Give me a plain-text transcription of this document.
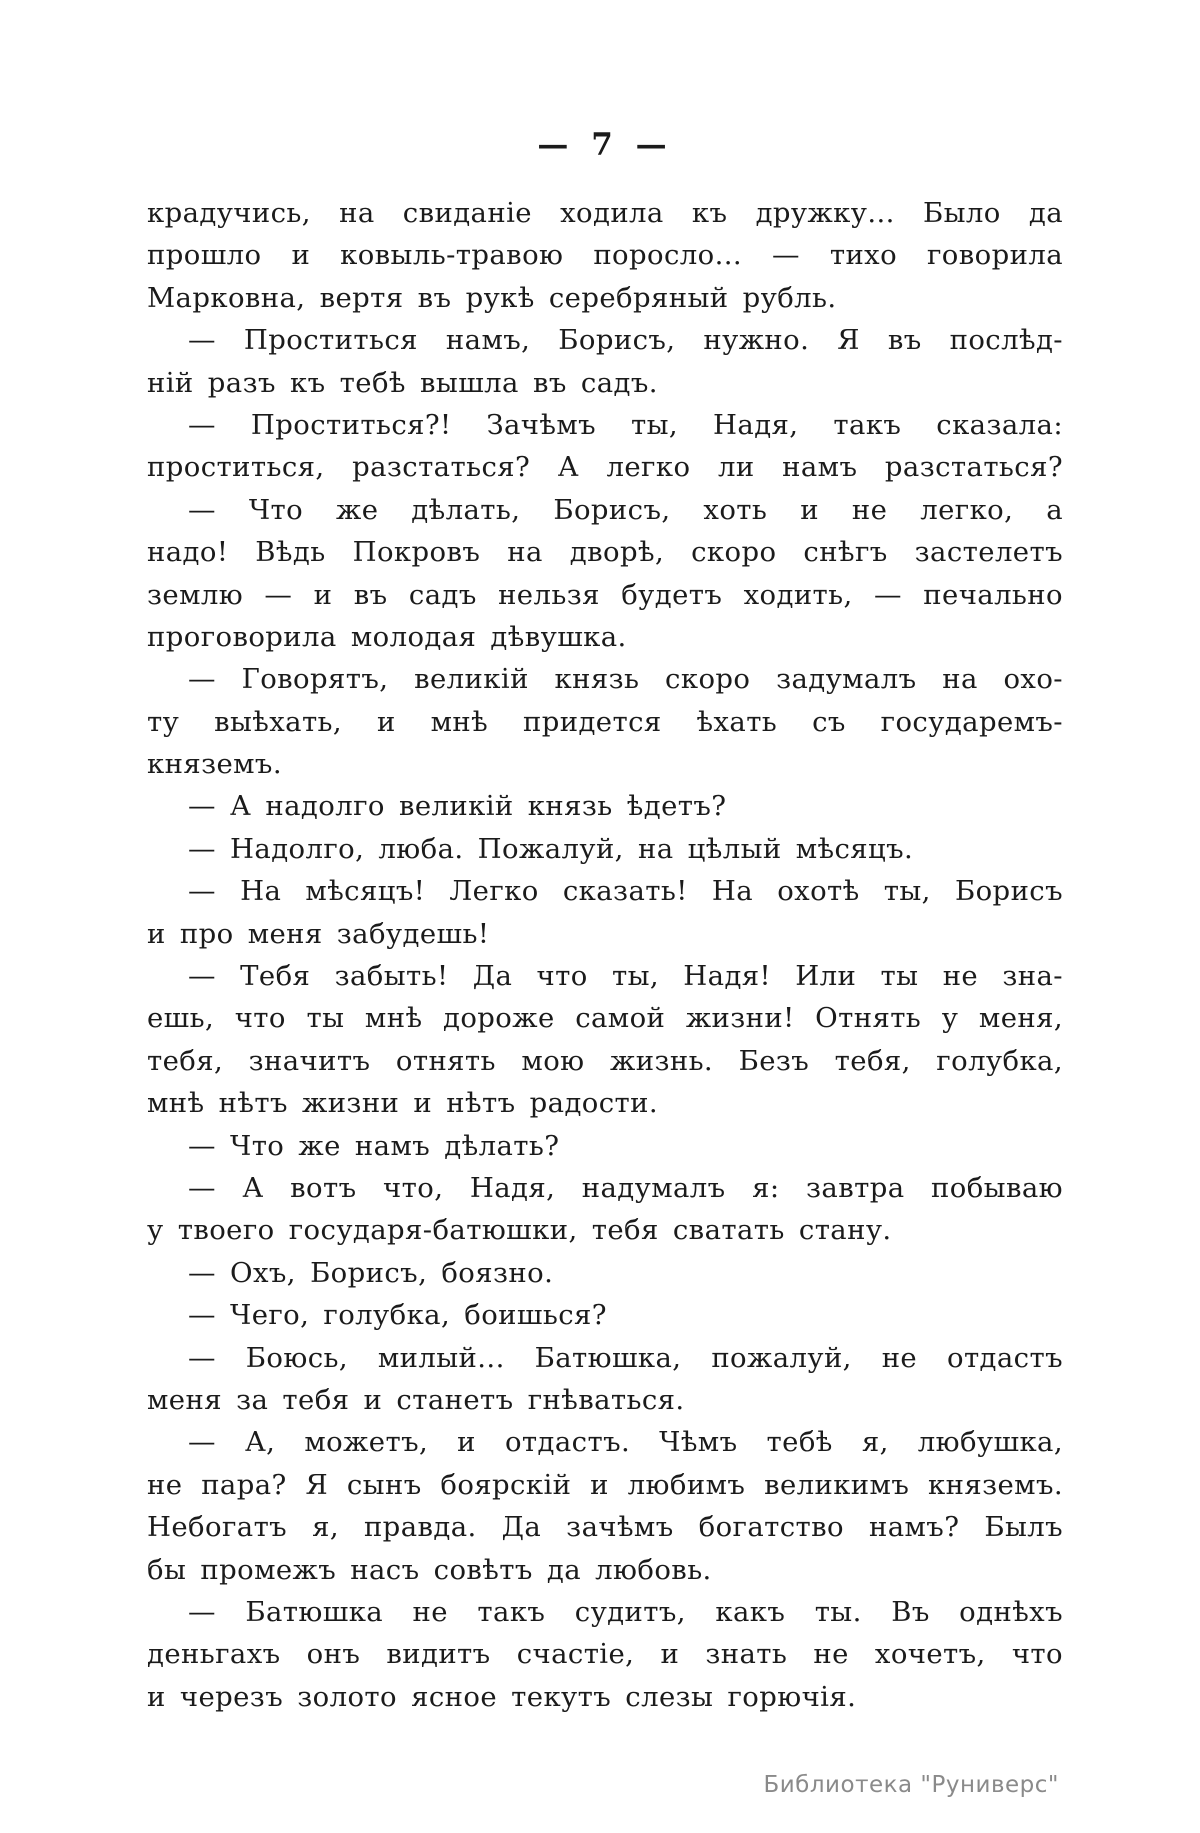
— 7 —
крадучись, на свиданіе ходила къ дружку... Было да
прошло и ковыль-травою поросло... — тихо говорила
Марковна, вертя въ рукѣ серебряный рубль.
— Проститься намъ, Борисъ, нужно. Я въ послѣд-
ній разъ къ тебѣ вышла въ садъ.
— Проститься?! Зачѣмъ ты, Надя, такъ сказала:
проститься, разстаться? А легко ли намъ разстаться?
— Что же дѣлать, Борисъ, хоть и не легко, а
надо! Вѣдь Покровъ на дворѣ, скоро снѣгъ застелетъ
землю — и въ садъ нельзя будетъ ходить, — печально
проговорила молодая дѣвушка.
— Говорятъ, великій князь скоро задумалъ на охо-
ту выѣхать, и мнѣ придется ѣхать съ государемъ-
княземъ.
— А надолго великій князь ѣдетъ?
— Надолго, люба. Пожалуй, на цѣлый мѣсяцъ.
— На мѣсяцъ! Легко сказать! На охотѣ ты, Борисъ
и про меня забудешь!
— Тебя забыть! Да что ты, Надя! Или ты не зна-
ешь, что ты мнѣ дороже самой жизни! Отнять у меня,
тебя, значитъ отнять мою жизнь. Безъ тебя, голубка,
мнѣ нѣтъ жизни и нѣтъ радости.
— Что же намъ дѣлать?
— А вотъ что, Надя, надумалъ я: завтра побываю
у твоего государя-батюшки, тебя сватать стану.
— Охъ, Борисъ, боязно.
— Чего, голубка, боишься?
— Боюсь, милый... Батюшка, пожалуй, не отдастъ
меня за тебя и станетъ гнѣваться.
— А, можетъ, и отдастъ. Чѣмъ тебѣ я, любушка,
не пара? Я сынъ боярскій и любимъ великимъ княземъ.
Небогатъ я, правда. Да зачѣмъ богатство намъ? Былъ
бы промежъ насъ совѣтъ да любовь.
— Батюшка не такъ судитъ, какъ ты. Въ однѣхъ
деньгахъ онъ видитъ счастіе, и знать не хочетъ, что
и черезъ золото ясное текутъ слезы горючія.
Библиотека "Руниверс"
